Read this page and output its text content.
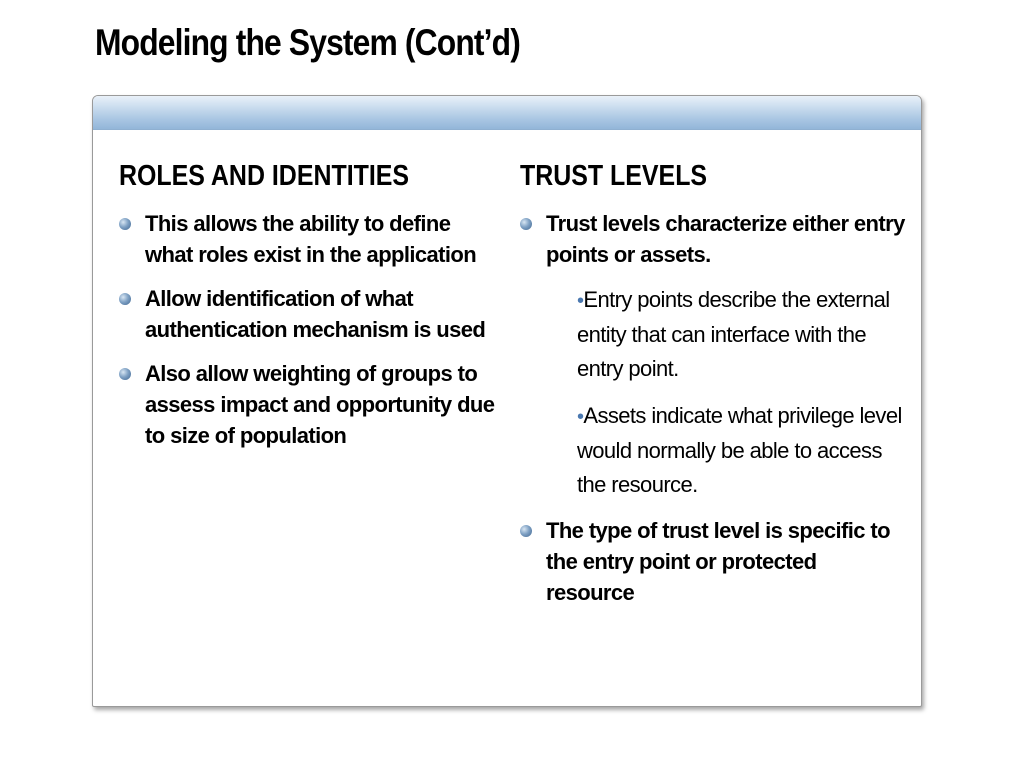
Modeling the System (Cont’d)
ROLES AND IDENTITIES
This allows the ability to define what roles exist in the application
Allow identification of what authentication mechanism is used
Also allow weighting of groups to assess impact and opportunity due to size of population
TRUST LEVELS
Trust levels characterize either entry points or assets.
•Entry points describe the external entity that can interface with the entry point.
•Assets indicate what privilege level would normally be able to access the resource.
The type of trust level is specific to the entry point or protected resource
